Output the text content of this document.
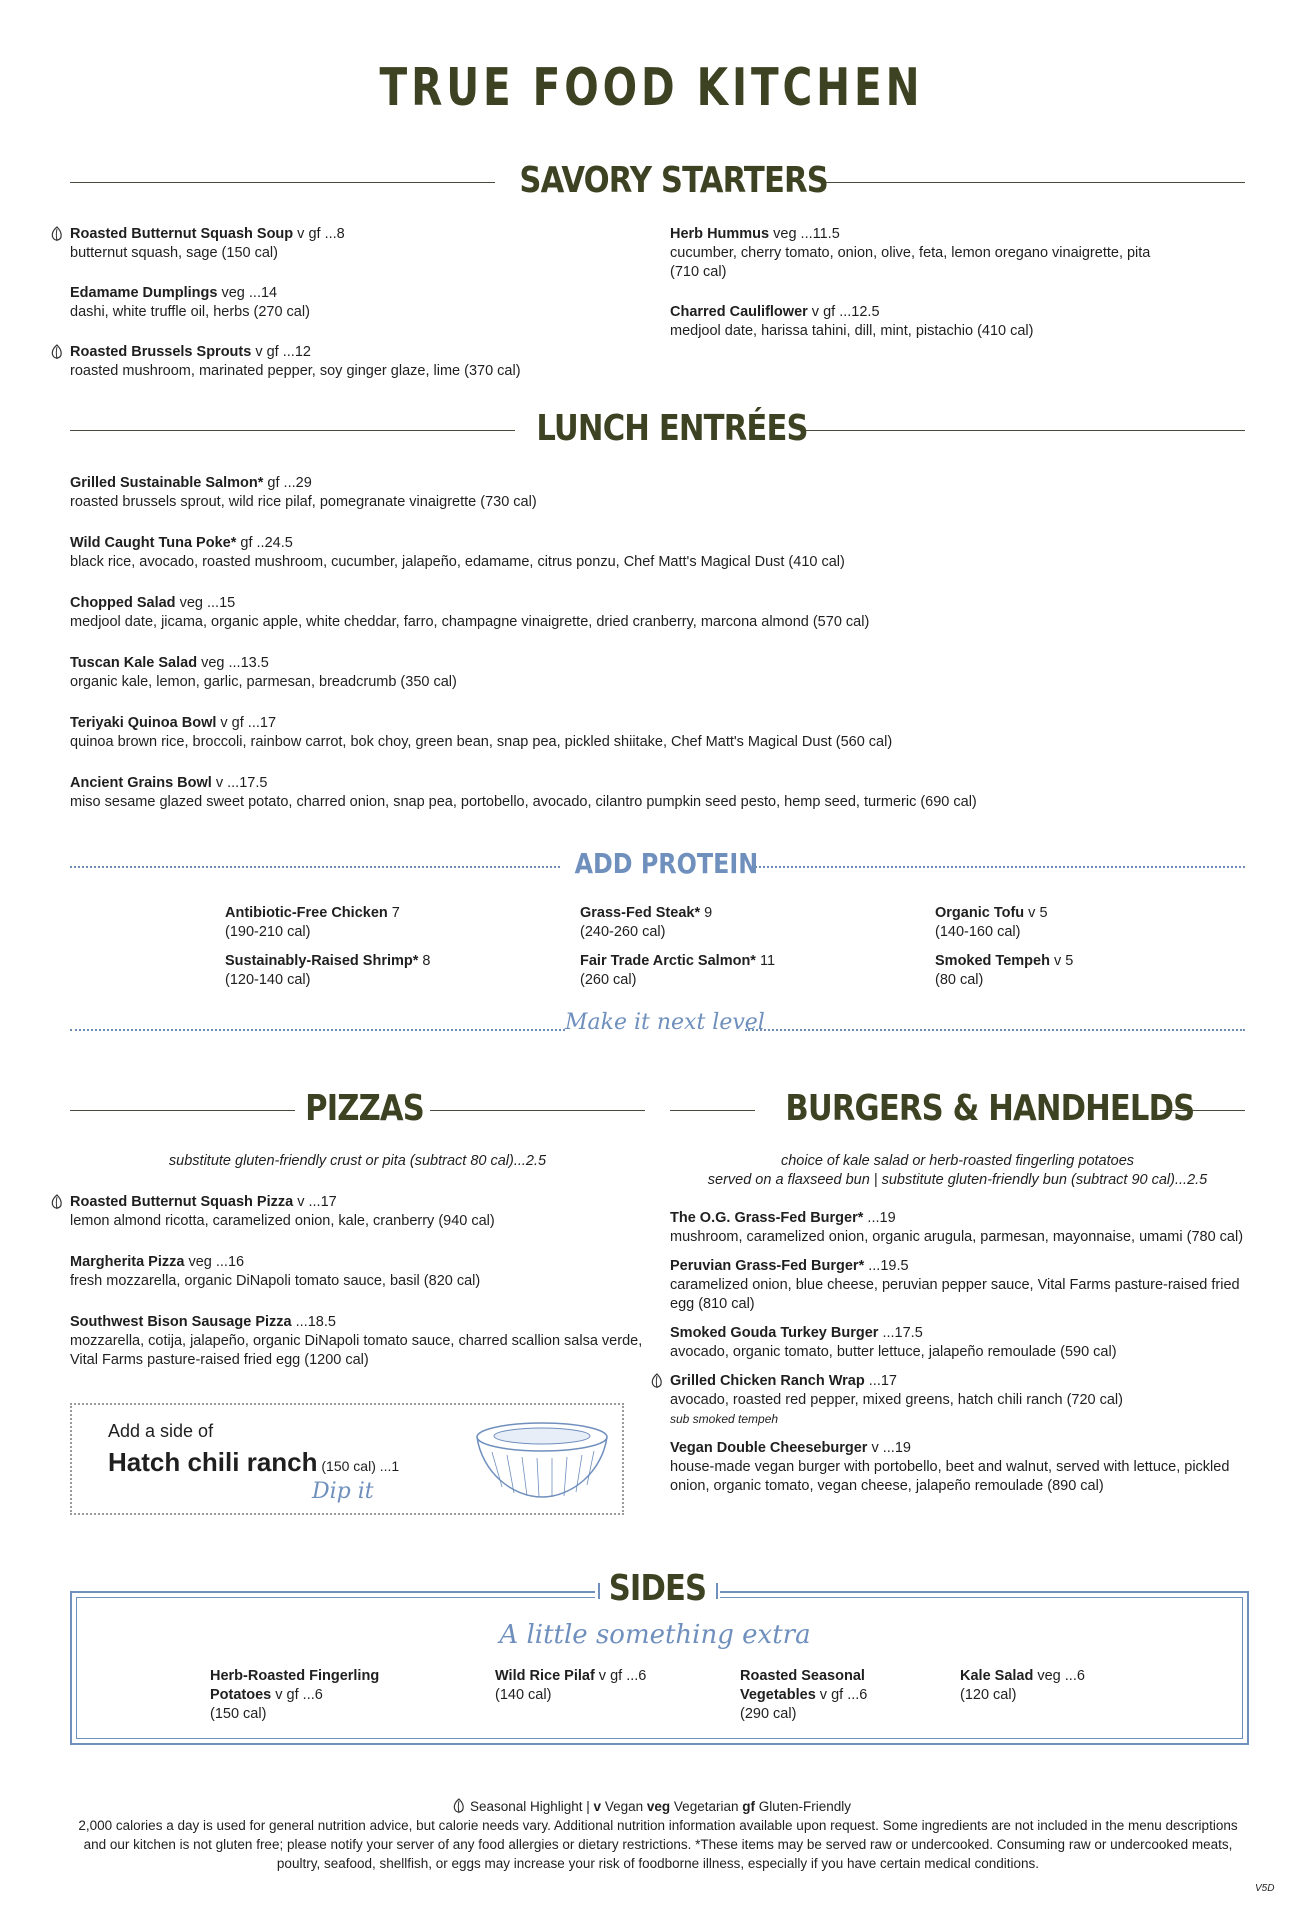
TRUE FOOD KITCHEN
SAVORY STARTERS
Roasted Butternut Squash Soup v gf ...8
butternut squash, sage (150 cal)
Edamame Dumplings veg ...14
dashi, white truffle oil, herbs (270 cal)
Roasted Brussels Sprouts v gf ...12
roasted mushroom, marinated pepper, soy ginger glaze, lime (370 cal)
Herb Hummus veg ...11.5
cucumber, cherry tomato, onion, olive, feta, lemon oregano vinaigrette, pita (710 cal)
Charred Cauliflower v gf ...12.5
medjool date, harissa tahini, dill, mint, pistachio (410 cal)
LUNCH ENTRÉES
Grilled Sustainable Salmon* gf ...29
roasted brussels sprout, wild rice pilaf, pomegranate vinaigrette (730 cal)
Wild Caught Tuna Poke* gf ..24.5
black rice, avocado, roasted mushroom, cucumber, jalapeño, edamame, citrus ponzu, Chef Matt's Magical Dust (410 cal)
Chopped Salad veg ...15
medjool date, jicama, organic apple, white cheddar, farro, champagne vinaigrette, dried cranberry, marcona almond (570 cal)
Tuscan Kale Salad veg ...13.5
organic kale, lemon, garlic, parmesan, breadcrumb (350 cal)
Teriyaki Quinoa Bowl v gf ...17
quinoa brown rice, broccoli, rainbow carrot, bok choy, green bean, snap pea, pickled shiitake, Chef Matt's Magical Dust (560 cal)
Ancient Grains Bowl v ...17.5
miso sesame glazed sweet potato, charred onion, snap pea, portobello, avocado, cilantro pumpkin seed pesto, hemp seed, turmeric (690 cal)
ADD PROTEIN
Antibiotic-Free Chicken 7
(190-210 cal)
Sustainably-Raised Shrimp* 8
(120-140 cal)
Grass-Fed Steak* 9
(240-260 cal)
Fair Trade Arctic Salmon* 11
(260 cal)
Organic Tofu v 5
(140-160 cal)
Smoked Tempeh v 5
(80 cal)
Make it next level
PIZZAS
substitute gluten-friendly crust or pita (subtract 80 cal)...2.5
Roasted Butternut Squash Pizza v ...17
lemon almond ricotta, caramelized onion, kale, cranberry (940 cal)
Margherita Pizza veg ...16
fresh mozzarella, organic DiNapoli tomato sauce, basil (820 cal)
Southwest Bison Sausage Pizza ...18.5
mozzarella, cotija, jalapeño, organic DiNapoli tomato sauce, charred scallion salsa verde, Vital Farms pasture-raised fried egg (1200 cal)
Add a side of
Hatch chili ranch (150 cal) ...1
Dip it
BURGERS & HANDHELDS
choice of kale salad or herb-roasted fingerling potatoes
served on a flaxseed bun | substitute gluten-friendly bun (subtract 90 cal)...2.5
The O.G. Grass-Fed Burger* ...19
mushroom, caramelized onion, organic arugula, parmesan, mayonnaise, umami (780 cal)
Peruvian Grass-Fed Burger* ...19.5
caramelized onion, blue cheese, peruvian pepper sauce, Vital Farms pasture-raised fried egg (810 cal)
Smoked Gouda Turkey Burger ...17.5
avocado, organic tomato, butter lettuce, jalapeño remoulade (590 cal)
Grilled Chicken Ranch Wrap ...17
avocado, roasted red pepper, mixed greens, hatch chili ranch (720 cal)
sub smoked tempeh
Vegan Double Cheeseburger v ...19
house-made vegan burger with portobello, beet and walnut, served with lettuce, pickled onion, organic tomato, vegan cheese, jalapeño remoulade (890 cal)
SIDES
A little something extra
Herb-Roasted Fingerling Potatoes v gf ...6
(150 cal)
Wild Rice Pilaf v gf ...6
(140 cal)
Roasted Seasonal Vegetables v gf ...6
(290 cal)
Kale Salad veg ...6
(120 cal)
Seasonal Highlight | v Vegan veg Vegetarian gf Gluten-Friendly
2,000 calories a day is used for general nutrition advice, but calorie needs vary. Additional nutrition information available upon request. Some ingredients are not included in the menu descriptions and our kitchen is not gluten free; please notify your server of any food allergies or dietary restrictions. *These items may be served raw or undercooked. Consuming raw or undercooked meats, poultry, seafood, shellfish, or eggs may increase your risk of foodborne illness, especially if you have certain medical conditions.
V5D
